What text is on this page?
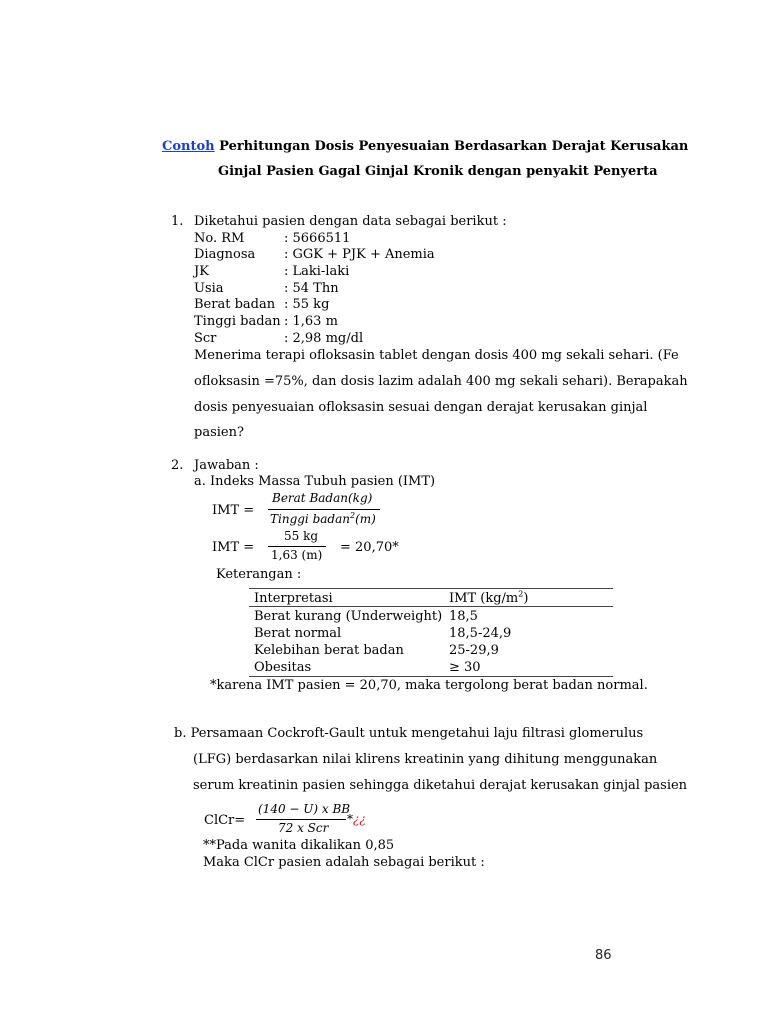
Contoh Perhitungan Dosis Penyesuaian Berdasarkan Derajat Kerusakan
Ginjal Pasien Gagal Ginjal Kronik dengan penyakit Penyerta
1. Diketahui pasien dengan data sebagai berikut :
No. RM	: 5666511
Diagnosa : GGK + PJK + Anemia
JK	: Laki-laki
Usia	: 54 Thn
Berat badan : 55 kg
Tinggi badan : 1,63 m
Scr	: 2,98 mg/dl
Menerima terapi ofloksasin tablet dengan dosis 400 mg sekali sehari. (Fe
ofloksasin =75%, dan dosis lazim adalah 400 mg sekali sehari). Berapakah
dosis penyesuaian ofloksasin sesuai dengan derajat kerusakan ginjal
pasien?
2. Jawaban :
a. Indeks Massa Tubuh pasien (IMT)
IMT =
Berat Badan(kg)
Tinggi badan$^2$(m)
IMT =
55 kg
1,63 (m) = 20,70*
Keterangan :
Interpretasi	IMT $(kg/m^2)$
Berat kurang (Underweight) 18,5
Berat normal	18,5-24,9
Kelebihan berat badan	25-29,9
Obesitas	≥ 30
*karena IMT pasien = 20,70, maka tergolong berat badan normal.
b. Persamaan Cockroft-Gault untuk mengetahui laju filtrasi glomerulus
(LFG) berdasarkan nilai klirens kreatinin yang dihitung menggunakan
serum kreatinin pasien sehingga diketahui derajat kerusakan ginjal pasien
ClCr=
(140 − U) x BB
72 x Scr
*¿¿
**Pada wanita dikalikan 0,85
Maka ClCr pasien adalah sebagai berikut :
86
